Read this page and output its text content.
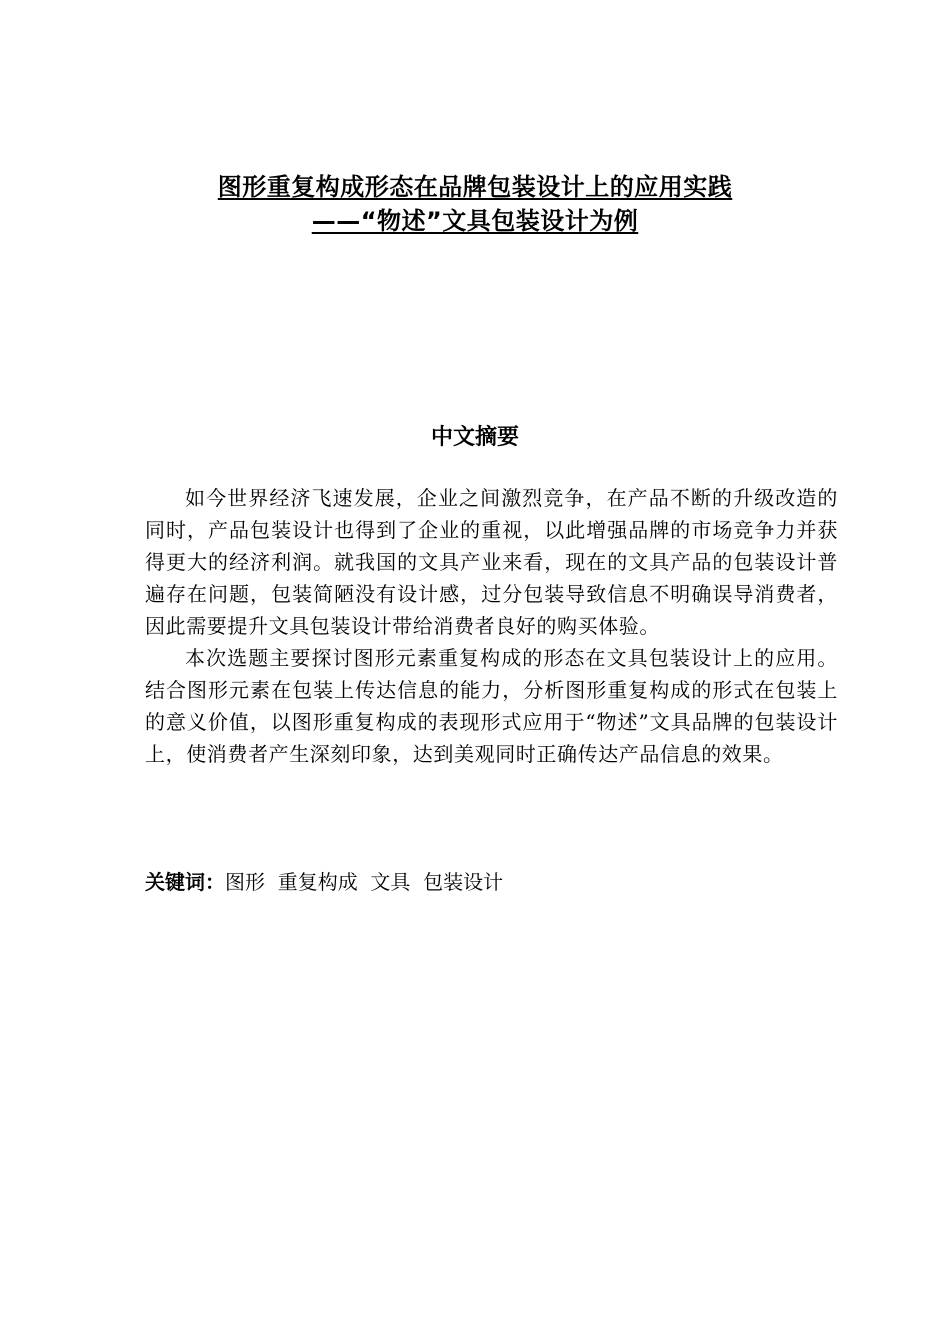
图形重复构成形态在品牌包装设计上的应用实践
——“物述”文具包装设计为例
中文摘要

如今世界经济飞速发展，企业之间激烈竞争，在产品不断的升级改造的同时，产品包装设计也得到了企业的重视，以此增强品牌的市场竞争力并获得更大的经济利润。就我国的文具产业来看，现在的文具产品的包装设计普遍存在问题，包装简陋没有设计感，过分包装导致信息不明确误导消费者，因此需要提升文具包装设计带给消费者良好的购买体验。

本次选题主要探讨图形元素重复构成的形态在文具包装设计上的应用。结合图形元素在包装上传达信息的能力，分析图形重复构成的形式在包装上的意义价值，以图形重复构成的表现形式应用于“物述”文具品牌的包装设计上，使消费者产生深刻印象，达到美观同时正确传达产品信息的效果。

关键词：图形  重复构成  文具  包装设计
